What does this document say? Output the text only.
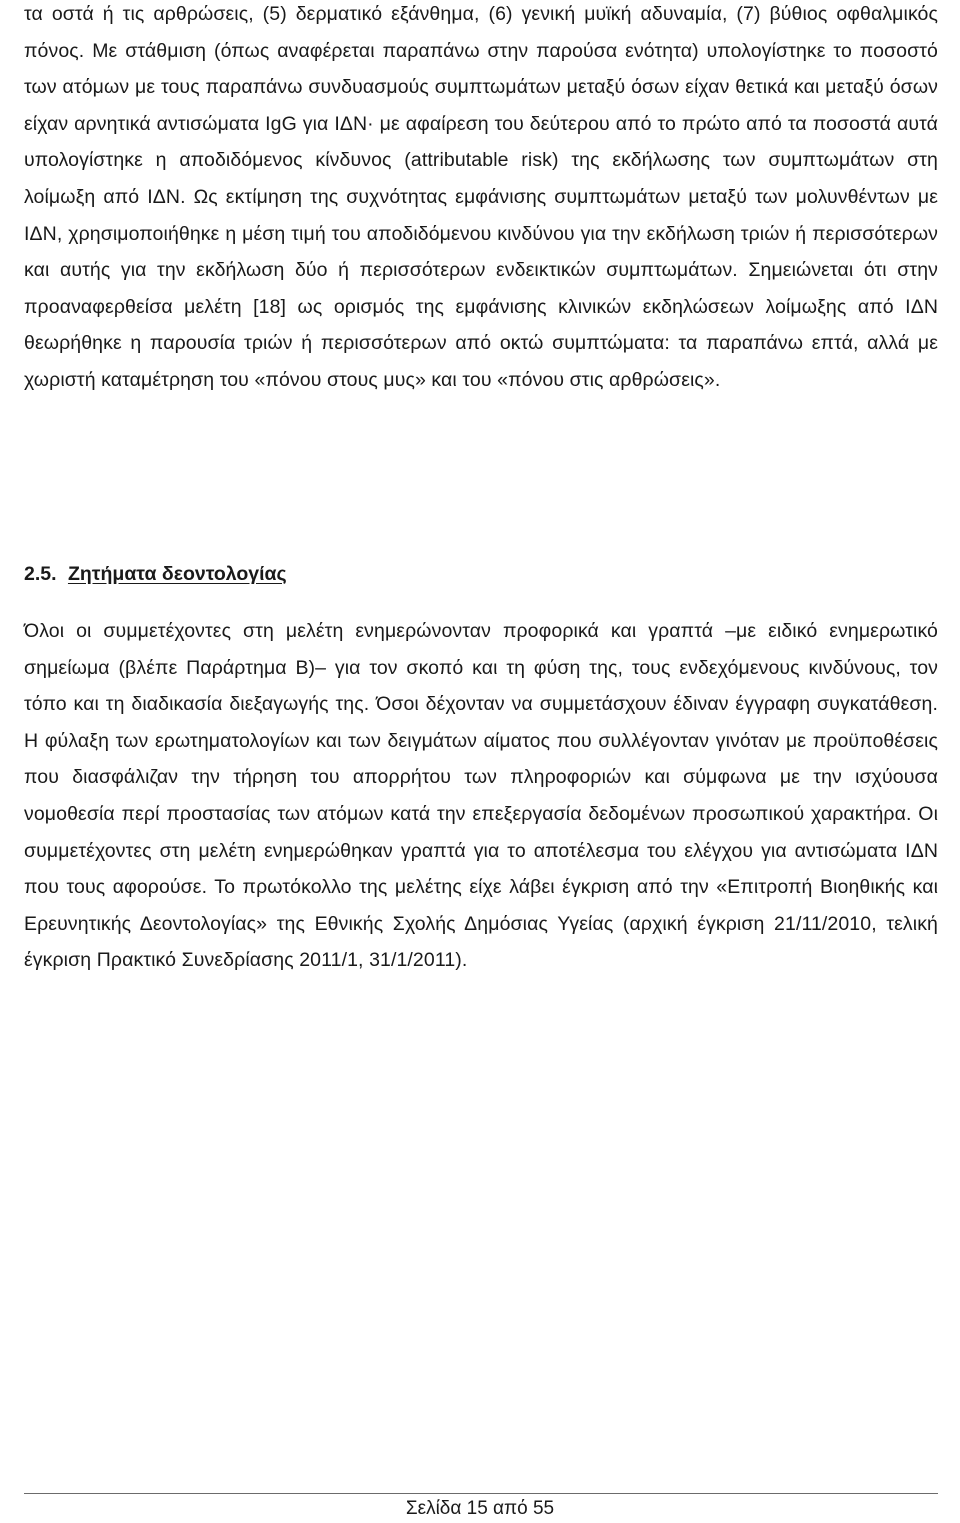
τα οστά ή τις αρθρώσεις, (5) δερματικό εξάνθημα, (6) γενική μυϊκή αδυναμία, (7) βύθιος οφθαλμικός πόνος. Με στάθμιση (όπως αναφέρεται παραπάνω στην παρούσα ενότητα) υπολογίστηκε το ποσοστό των ατόμων με τους παραπάνω συνδυασμούς συμπτωμάτων μεταξύ όσων είχαν θετικά και μεταξύ όσων είχαν αρνητικά αντισώματα IgG για ΙΔΝ· με αφαίρεση του δεύτερου από το πρώτο από τα ποσοστά αυτά υπολογίστηκε η αποδιδόμενος κίνδυνος (attributable risk) της εκδήλωσης των συμπτωμάτων στη λοίμωξη από ΙΔΝ. Ως εκτίμηση της συχνότητας εμφάνισης συμπτωμάτων μεταξύ των μολυνθέντων με ΙΔΝ, χρησιμοποιήθηκε η μέση τιμή του αποδιδόμενου κινδύνου για την εκδήλωση τριών ή περισσότερων και αυτής για την εκδήλωση δύο ή περισσότερων ενδεικτικών συμπτωμάτων. Σημειώνεται ότι στην προαναφερθείσα μελέτη [18] ως ορισμός της εμφάνισης κλινικών εκδηλώσεων λοίμωξης από ΙΔΝ θεωρήθηκε η παρουσία τριών ή περισσότερων από οκτώ συμπτώματα: τα παραπάνω επτά, αλλά με χωριστή καταμέτρηση του «πόνου στους μυς» και του «πόνου στις αρθρώσεις».

2.5. Ζητήματα δεοντολογίας

Όλοι οι συμμετέχοντες στη μελέτη ενημερώνονταν προφορικά και γραπτά –με ειδικό ενημερωτικό σημείωμα (βλέπε Παράρτημα Β)– για τον σκοπό και τη φύση της, τους ενδεχόμενους κινδύνους, τον τόπο και τη διαδικασία διεξαγωγής της. Όσοι δέχονταν να συμμετάσχουν έδιναν έγγραφη συγκατάθεση. Η φύλαξη των ερωτηματολογίων και των δειγμάτων αίματος που συλλέγονταν γινόταν με προϋποθέσεις που διασφάλιζαν την τήρηση του απορρήτου των πληροφοριών και σύμφωνα με την ισχύουσα νομοθεσία περί προστασίας των ατόμων κατά την επεξεργασία δεδομένων προσωπικού χαρακτήρα. Οι συμμετέχοντες στη μελέτη ενημερώθηκαν γραπτά για το αποτέλεσμα του ελέγχου για αντισώματα ΙΔΝ που τους αφορούσε. Το πρωτόκολλο της μελέτης είχε λάβει έγκριση από την «Επιτροπή Βιοηθικής και Ερευνητικής Δεοντολογίας» της Εθνικής Σχολής Δημόσιας Υγείας (αρχική έγκριση 21/11/2010, τελική έγκριση Πρακτικό Συνεδρίασης 2011/1, 31/1/2011).

Σελίδα 15 από 55
